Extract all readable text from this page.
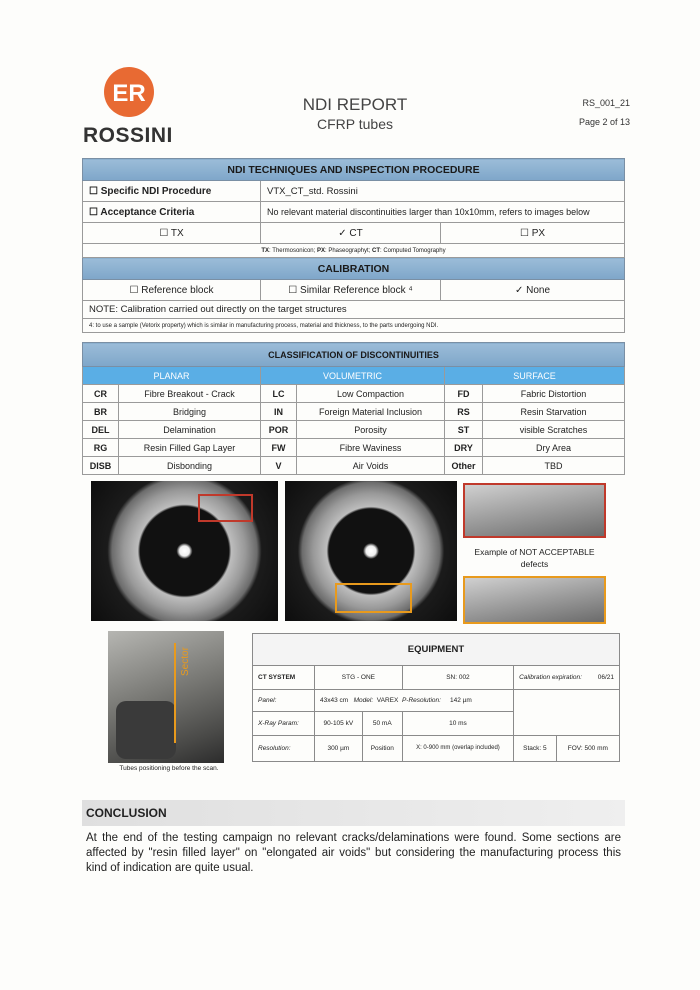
ER
ROSSINI
NDI REPORT
CFRP tubes
RS_001_21
Page 2 of 13
NDI TECHNIQUES AND INSPECTION PROCEDURE		
☐ Specific NDI Procedure	VTX_CT_std. Rossini	
☐ Acceptance Criteria	No relevant material discontinuities larger than 10x10mm, refers to images below	
☐ TX	✓ CT	☐ PX
TX: Thermosonicon; PX: Phaseographyt; CT: Computed Tomography		
CALIBRATION		
☐ Reference block	☐ Similar Reference block ⁴	✓ None
NOTE: Calibration carried out directly on the target structures		
4: to use a sample (Vetorix property) which is similar in manufacturing process, material and thickness, to the parts undergoing NDI.		
CLASSIFICATION OF DISCONTINUITIES					
PLANAR		VOLUMETRIC		SURFACE	
CR	Fibre Breakout - Crack	LC	Low Compaction	FD	Fabric Distortion
BR	Bridging	IN	Foreign Material Inclusion	RS	Resin Starvation
DEL	Delamination	POR	Porosity	ST	visible Scratches
RG	Resin Filled Gap Layer	FW	Fibre Waviness	DRY	Dry Area
DISB	Disbonding	V	Air Voids	Other	TBD
Example of NOT ACCEPTABLE
defects
Sector
Tubes positioning before the scan.
EQUIPMENT					
CT SYSTEM	STG - ONE		SN: 002	Calibration expiration: 06/21	

Panel:	43x43 cm Model: VAREX P-Resolution: 142 µm				
X-Ray Param:	90-105 kV	50 mA	10 ms		
Resolution:	300 µm	Position	X: 0-900 mm (overlap included)	Stack: 5	FOV: 500 mm
CONCLUSION
At the end of the testing campaign no relevant cracks/delaminations were found. Some sections are affected by "resin filled layer" on "elongated air voids" but considering the manufacturing process this kind of indication are quite usual.
